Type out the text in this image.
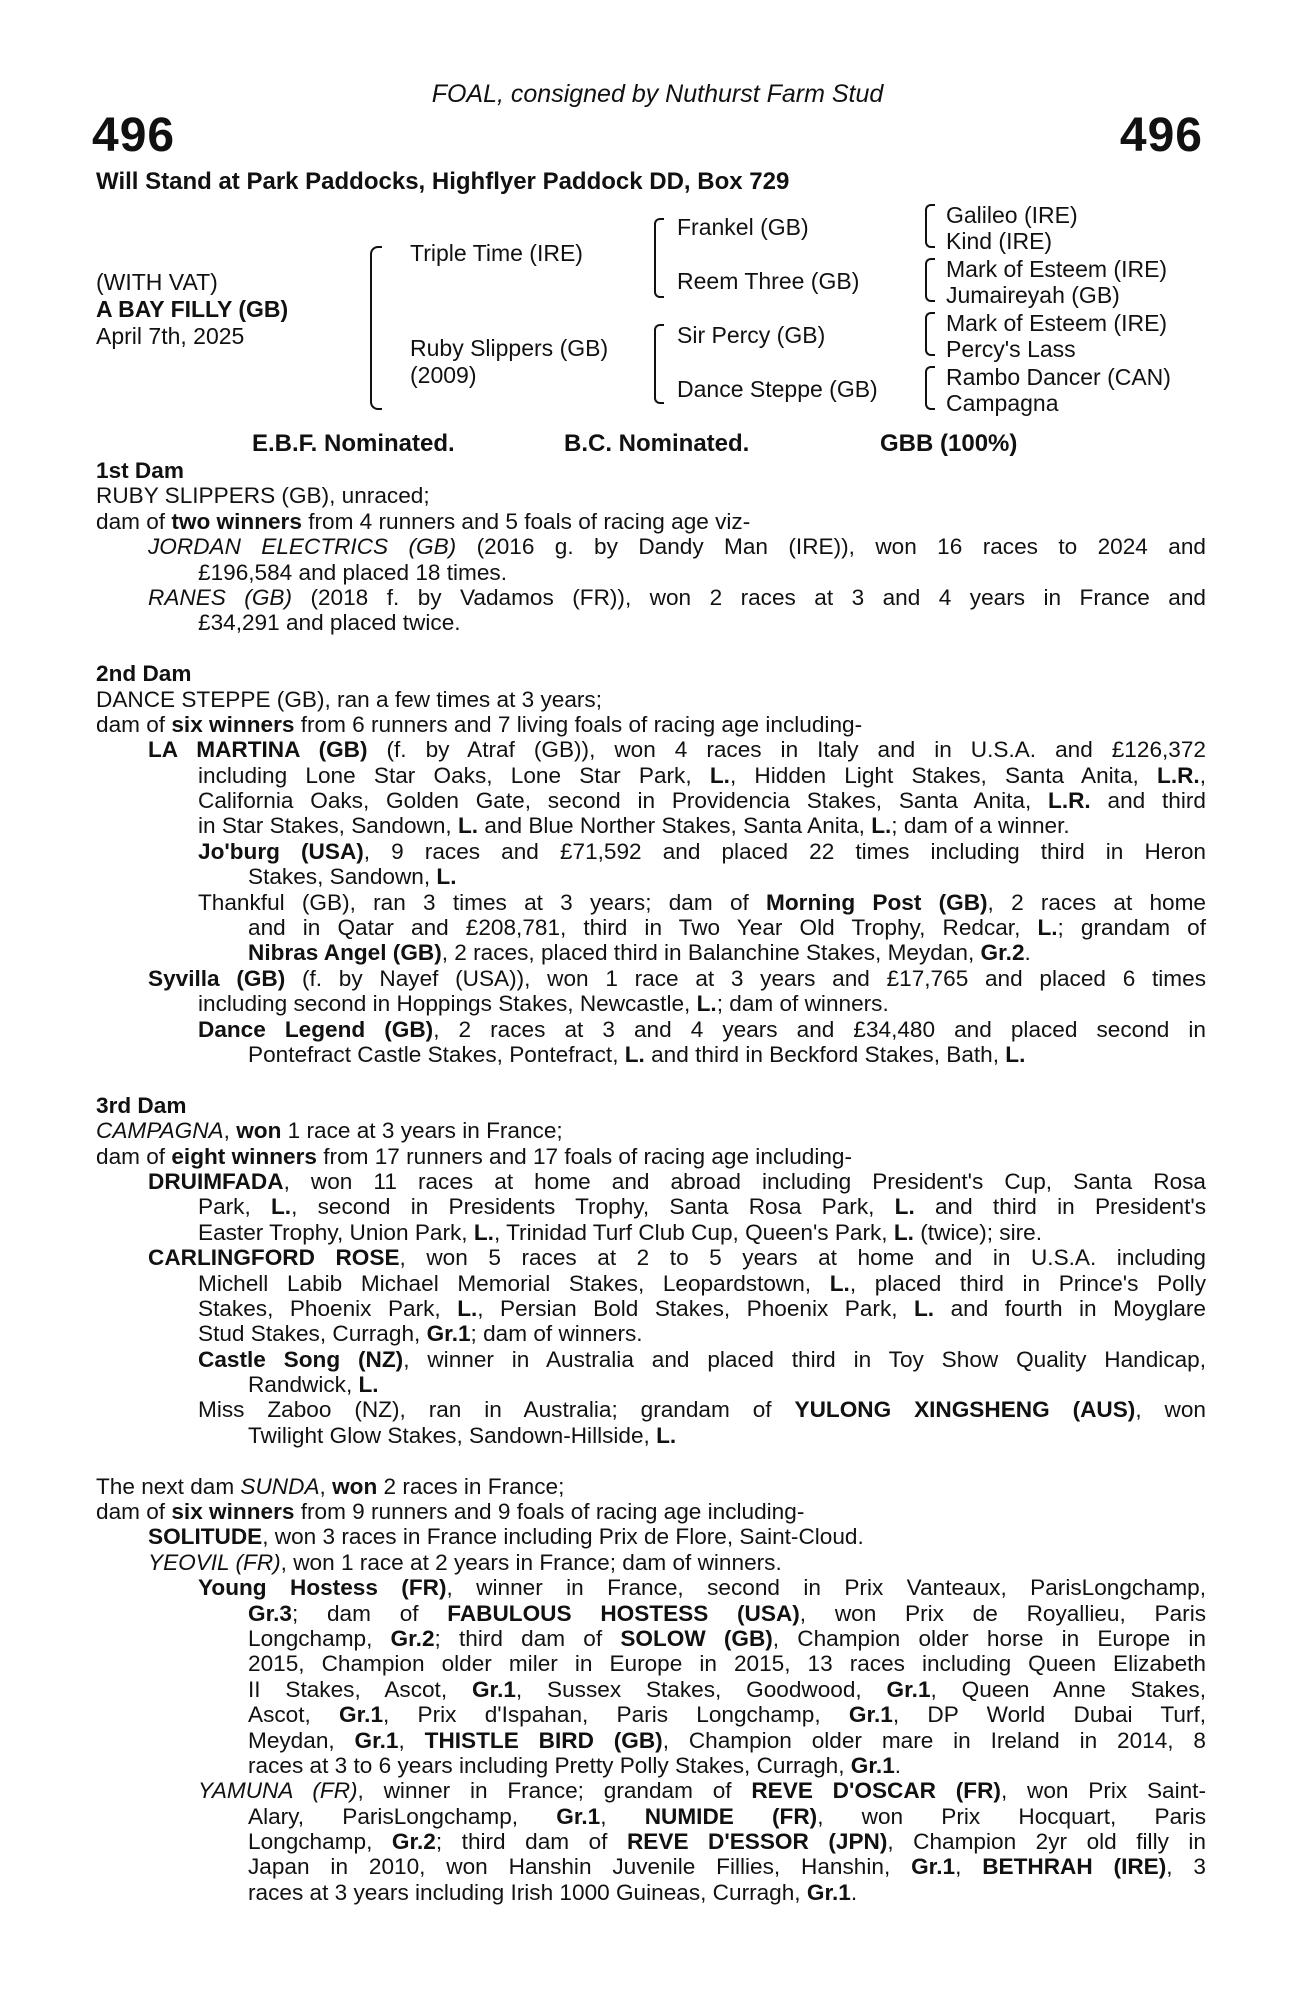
FOAL, consigned by Nuthurst Farm Stud
496	496
Will Stand at Park Paddocks, Highflyer Paddock DD, Box 729
(WITH VAT)
A BAY FILLY (GB)
April 7th, 2025
Triple Time (IRE)
Ruby Slippers (GB)
(2009)
Frankel (GB)
Reem Three (GB)
Sir Percy (GB)
Dance Steppe (GB)
Galileo (IRE)
Kind (IRE)
Mark of Esteem (IRE)
Jumaireyah (GB)
Mark of Esteem (IRE)
Percy's Lass
Rambo Dancer (CAN)
Campagna
E.B.F. Nominated.	B.C. Nominated.	GBB (100%)
1st Dam
RUBY SLIPPERS (GB), unraced;
dam of two winners from 4 runners and 5 foals of racing age viz-
JORDAN ELECTRICS (GB) (2016 g. by Dandy Man (IRE)), won 16 races to 2024 and
£196,584 and placed 18 times.
RANES (GB) (2018 f. by Vadamos (FR)), won 2 races at 3 and 4 years in France and
£34,291 and placed twice.
2nd Dam
DANCE STEPPE (GB), ran a few times at 3 years;
dam of six winners from 6 runners and 7 living foals of racing age including-
LA MARTINA (GB) (f. by Atraf (GB)), won 4 races in Italy and in U.S.A. and £126,372
including Lone Star Oaks, Lone Star Park, L., Hidden Light Stakes, Santa Anita, L.R.,
California Oaks, Golden Gate, second in Providencia Stakes, Santa Anita, L.R. and third
in Star Stakes, Sandown, L. and Blue Norther Stakes, Santa Anita, L.; dam of a winner.
Jo'burg (USA), 9 races and £71,592 and placed 22 times including third in Heron
Stakes, Sandown, L.
Thankful (GB), ran 3 times at 3 years; dam of Morning Post (GB), 2 races at home
and in Qatar and £208,781, third in Two Year Old Trophy, Redcar, L.; grandam of
Nibras Angel (GB), 2 races, placed third in Balanchine Stakes, Meydan, Gr.2.
Syvilla (GB) (f. by Nayef (USA)), won 1 race at 3 years and £17,765 and placed 6 times
including second in Hoppings Stakes, Newcastle, L.; dam of winners.
Dance Legend (GB), 2 races at 3 and 4 years and £34,480 and placed second in
Pontefract Castle Stakes, Pontefract, L. and third in Beckford Stakes, Bath, L.
3rd Dam
CAMPAGNA, won 1 race at 3 years in France;
dam of eight winners from 17 runners and 17 foals of racing age including-
DRUIMFADA, won 11 races at home and abroad including President's Cup, Santa Rosa
Park, L., second in Presidents Trophy, Santa Rosa Park, L. and third in President's
Easter Trophy, Union Park, L., Trinidad Turf Club Cup, Queen's Park, L. (twice); sire.
CARLINGFORD ROSE, won 5 races at 2 to 5 years at home and in U.S.A. including
Michell Labib Michael Memorial Stakes, Leopardstown, L., placed third in Prince's Polly
Stakes, Phoenix Park, L., Persian Bold Stakes, Phoenix Park, L. and fourth in Moyglare
Stud Stakes, Curragh, Gr.1; dam of winners.
Castle Song (NZ), winner in Australia and placed third in Toy Show Quality Handicap,
Randwick, L.
Miss Zaboo (NZ), ran in Australia; grandam of YULONG XINGSHENG (AUS), won
Twilight Glow Stakes, Sandown-Hillside, L.
The next dam SUNDA, won 2 races in France;
dam of six winners from 9 runners and 9 foals of racing age including-
SOLITUDE, won 3 races in France including Prix de Flore, Saint-Cloud.
YEOVIL (FR), won 1 race at 2 years in France; dam of winners.
Young Hostess (FR), winner in France, second in Prix Vanteaux, ParisLongchamp,
Gr.3; dam of FABULOUS HOSTESS (USA), won Prix de Royallieu, Paris
Longchamp, Gr.2; third dam of SOLOW (GB), Champion older horse in Europe in
2015, Champion older miler in Europe in 2015, 13 races including Queen Elizabeth
II Stakes, Ascot, Gr.1, Sussex Stakes, Goodwood, Gr.1, Queen Anne Stakes,
Ascot, Gr.1, Prix d'Ispahan, Paris Longchamp, Gr.1, DP World Dubai Turf,
Meydan, Gr.1, THISTLE BIRD (GB), Champion older mare in Ireland in 2014, 8
races at 3 to 6 years including Pretty Polly Stakes, Curragh, Gr.1.
YAMUNA (FR), winner in France; grandam of REVE D'OSCAR (FR), won Prix Saint-
Alary, ParisLongchamp, Gr.1, NUMIDE (FR), won Prix Hocquart, Paris
Longchamp, Gr.2; third dam of REVE D'ESSOR (JPN), Champion 2yr old filly in
Japan in 2010, won Hanshin Juvenile Fillies, Hanshin, Gr.1, BETHRAH (IRE), 3
races at 3 years including Irish 1000 Guineas, Curragh, Gr.1.
